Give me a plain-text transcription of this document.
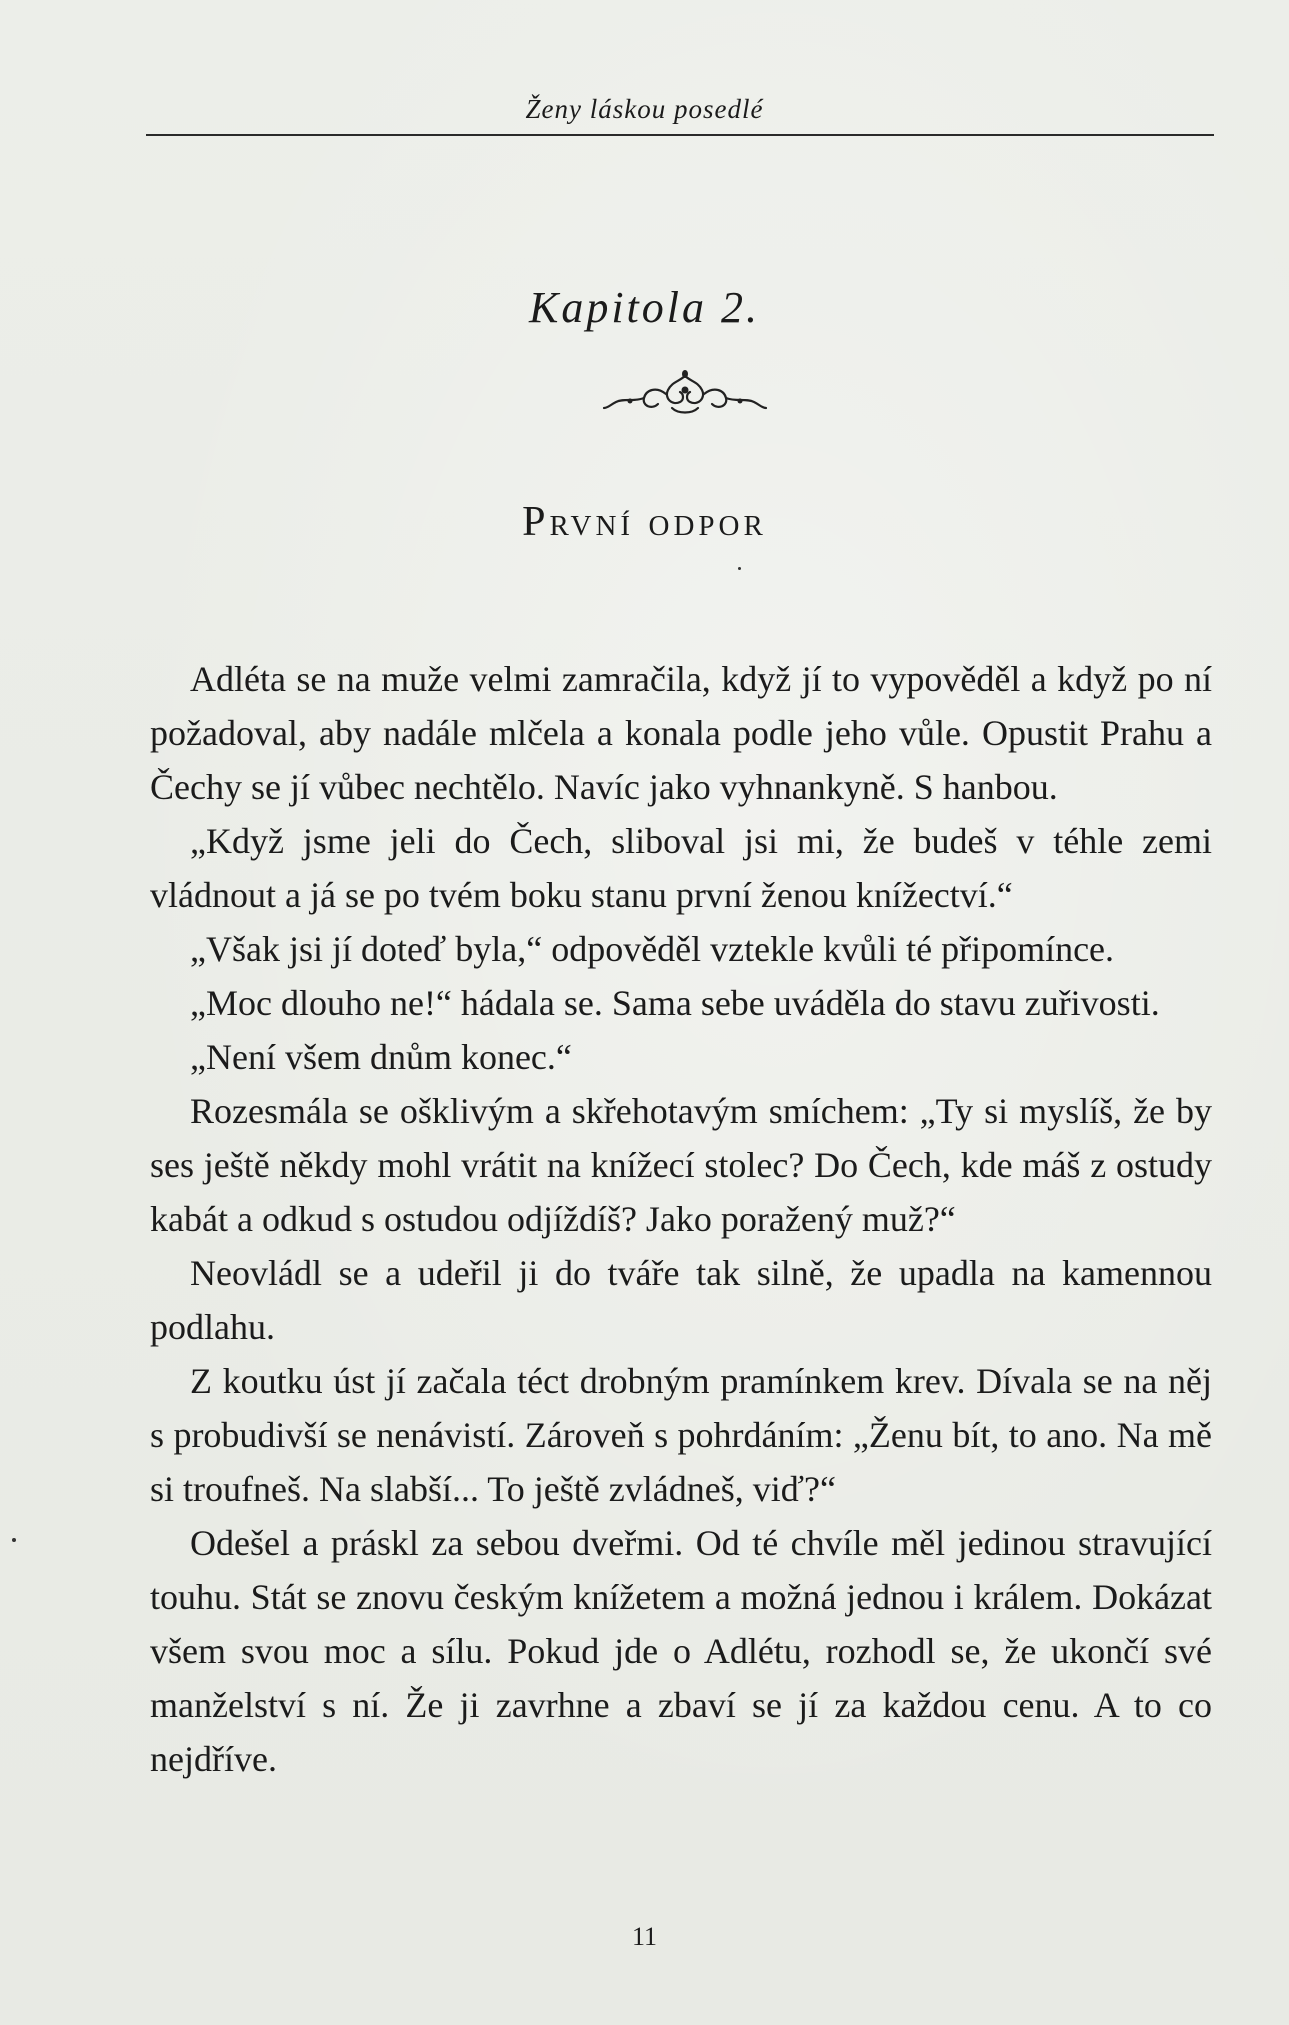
Ženy láskou posedlé
Kapitola 2.
První odpor

Adléta se na muže velmi zamračila, když jí to vypověděl a když po ní požadoval, aby nadále mlčela a konala podle jeho vůle. Opustit Prahu a Čechy se jí vůbec nechtělo. Navíc jako vyhnankyně. S hanbou.

„Když jsme jeli do Čech, sliboval jsi mi, že budeš v téhle zemi vládnout a já se po tvém boku stanu první ženou knížectví.“

„Však jsi jí doteď byla,“ odpověděl vztekle kvůli té připomínce.

„Moc dlouho ne!“ hádala se. Sama sebe uváděla do stavu zuřivosti.

„Není všem dnům konec.“

Rozesmála se ošklivým a skřehotavým smíchem: „Ty si myslíš, že by ses ještě někdy mohl vrátit na knížecí stolec? Do Čech, kde máš z ostudy kabát a odkud s ostudou odjíždíš? Jako poražený muž?“

Neovládl se a udeřil ji do tváře tak silně, že upadla na kamennou podlahu.

Z koutku úst jí začala téct drobným pramínkem krev. Dívala se na něj s probudivší se nenávistí. Zároveň s pohrdáním: „Ženu bít, to ano. Na mě si troufneš. Na slabší... To ještě zvládneš, viď?“

Odešel a práskl za sebou dveřmi. Od té chvíle měl jedinou stravující touhu. Stát se znovu českým knížetem a možná jednou i králem. Dokázat všem svou moc a sílu. Pokud jde o Adlétu, rozhodl se, že ukončí své manželství s ní. Že ji zavrhne a zbaví se jí za každou cenu. A to co nejdříve.

11
